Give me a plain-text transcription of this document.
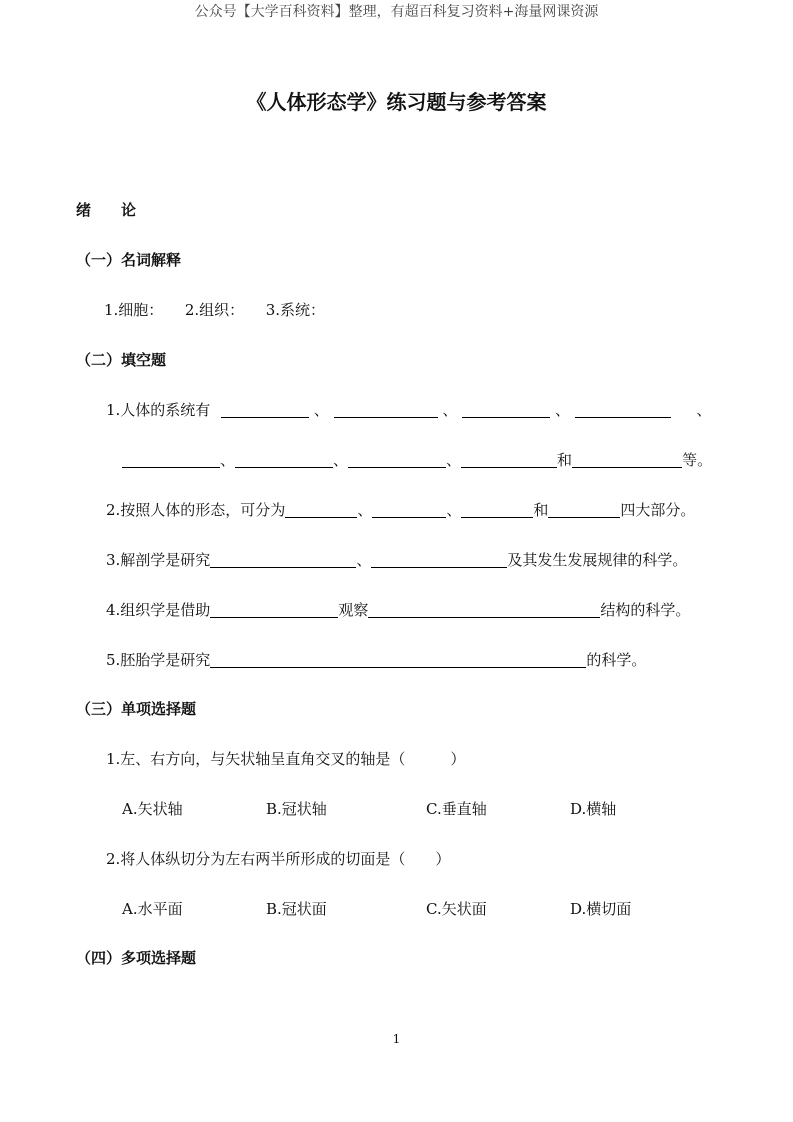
公众号【大学百科资料】整理，有超百科复习资料+海量网课资源
《人体形态学》练习题与参考答案
绪　　论
（一）名词解释
1.细胞： 2.组织： 3.系统：
（二）填空题
1.人体的系统有	、	、	、	、
、	、	、	和	等。
2.按照人体的形态，可分为	、	、	和	四大部分。
3.解剖学是研究	、	及其发生发展规律的科学。
4.组织学是借助	观察	结构的科学。
5.胚胎学是研究	的科学。
（三）单项选择题
1.左、右方向，与矢状轴呈直角交叉的轴是（　　　）
A.矢状轴	B.冠状轴	C.垂直轴	D.横轴
2.将人体纵切分为左右两半所形成的切面是（　　）
A.水平面	B.冠状面	C.矢状面	D.横切面
（四）多项选择题
1
